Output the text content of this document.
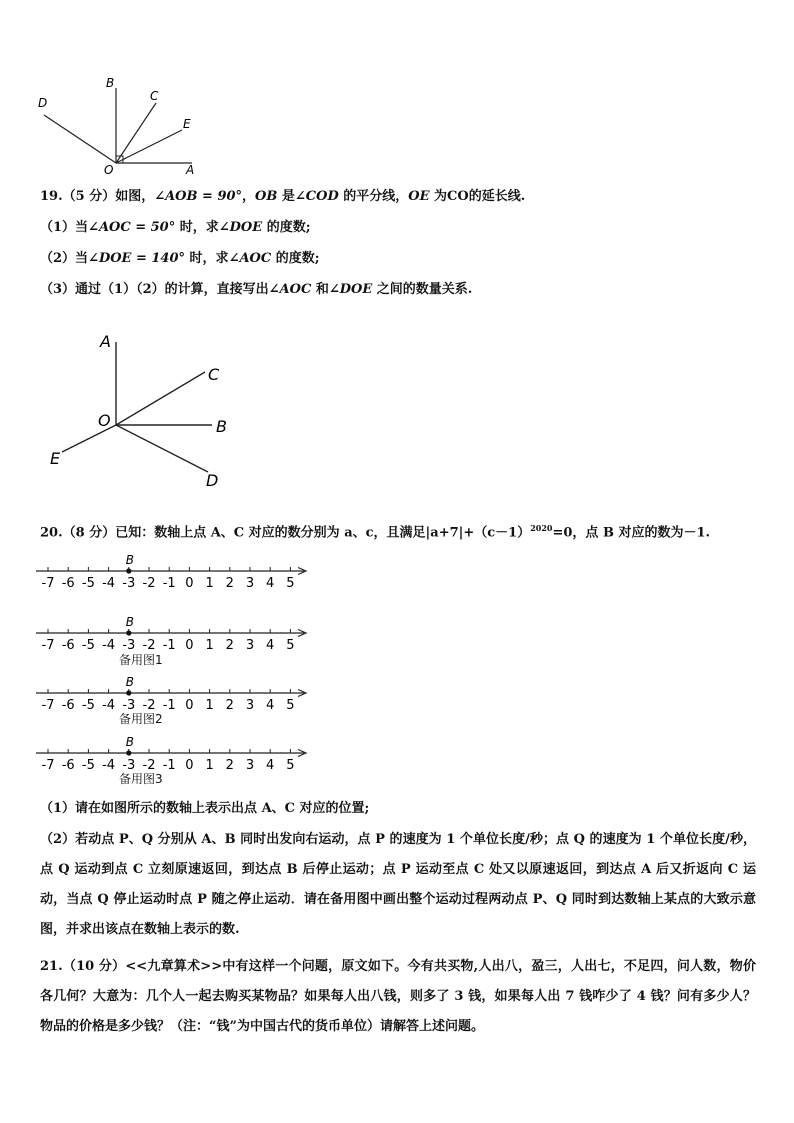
B
C
D
E
O	A
19.（5 分）如图，∠AOB = 90°，OB 是∠COD 的平分线，OE 为CO的延长线.
（1）当∠AOC = 50° 时，求∠DOE 的度数;
（2）当∠DOE = 140° 时，求∠AOC 的度数;
（3）通过（1）（2）的计算，直接写出∠AOC 和∠DOE 之间的数量关系.
A
C
O	B
E
D
20.（8 分）已知：数轴上点 A、C 对应的数分别为 a、c，且满足$|a+7|+(c-1)^{2020}=0$，点 B 对应的数为－1.
-7 -6 -5 -4 -3 -2 -1 0 1 2 3 4 5
B
-7 -6 -5 -4 -3 -2 -1 0 1 2 3 4 5
B
备用图1
-7 -6 -5 -4 -3 -2 -1 0 1 2 3 4 5
B
备用图2
-7 -6 -5 -4 -3 -2 -1 0 1 2 3 4 5
B
备用图3
（1）请在如图所示的数轴上表示出点 A、C 对应的位置;
（2）若动点 P、Q 分别从 A、B 同时出发向右运动，点 P 的速度为 1 个单位长度/秒；点 Q 的速度为 1 个单位长度/秒，点 Q 运动到点 C 立刻原速返回，到达点 B 后停止运动；点 P 运动至点 C 处又以原速返回，到达点 A 后又折返向 C 运动，当点 Q 停止运动时点 P 随之停止运动．请在备用图中画出整个运动过程两动点 P、Q 同时到达数轴上某点的大致示意图，并求出该点在数轴上表示的数.
21.（10 分）<<九章算术>>中有这样一个问题，原文如下。今有共买物,人出八，盈三，人出七，不足四，问人数，物价各几何？大意为：几个人一起去购买某物品？如果每人出八钱，则多了 3 钱，如果每人出 7 钱咋少了 4 钱？问有多少人？物品的价格是多少钱？（注：“钱”为中国古代的货币单位）请解答上述问题。
